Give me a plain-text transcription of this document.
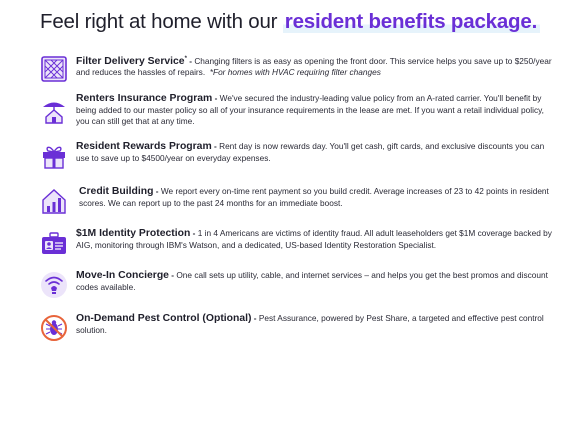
Feel right at home with our resident benefits package.
Filter Delivery Service* - Changing filters is as easy as opening the front door. This service helps you save up to $250/year and reduces the hassles of repairs. *For homes with HVAC requiring filter changes
Renters Insurance Program - We've secured the industry-leading value policy from an A-rated carrier. You'll benefit by being added to our master policy so all of your insurance requirements in the lease are met. If you want a retail individual policy, you can still get that at any time.
Resident Rewards Program - Rent day is now rewards day. You'll get cash, gift cards, and exclusive discounts you can use to save up to $4500/year on everyday expenses.
Credit Building - We report every on-time rent payment so you build credit. Average increases of 23 to 42 points in resident scores. We can report up to the past 24 months for an immediate boost.
$1M Identity Protection - 1 in 4 Americans are victims of identity fraud. All adult leaseholders get $1M coverage backed by AIG, monitoring through IBM's Watson, and a dedicated, US-based Identity Restoration Specialist.
Move-In Concierge - One call sets up utility, cable, and internet services – and helps you get the best promos and discount codes available.
On-Demand Pest Control (Optional) - Pest Assurance, powered by Pest Share, a targeted and effective pest control solution.
